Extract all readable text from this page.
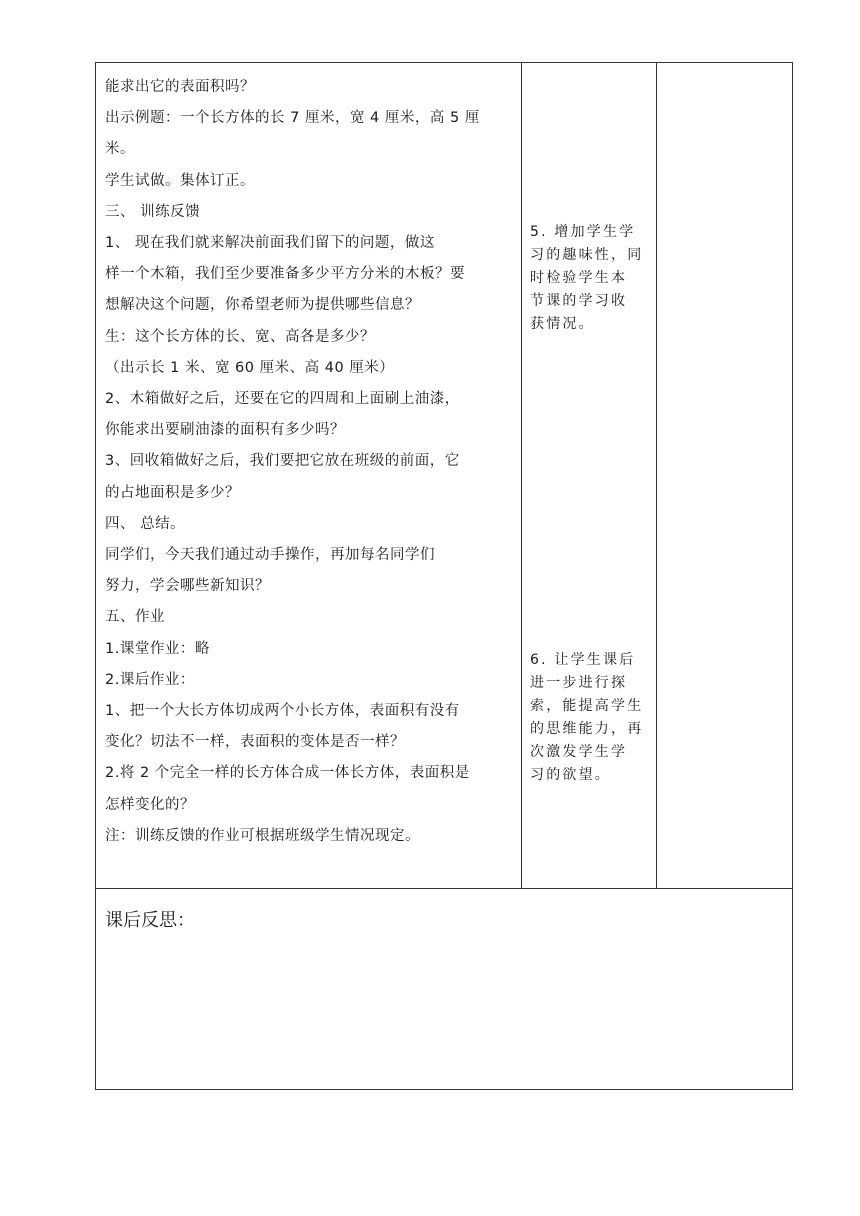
能求出它的表面积吗？
出示例题：一个长方体的长 7 厘米，宽 4 厘米，高 5 厘
米。
学生试做。集体订正。
三、 训练反馈
1、 现在我们就来解决前面我们留下的问题，做这
样一个木箱，我们至少要准备多少平方分米的木板？要
想解决这个问题，你希望老师为提供哪些信息？
生：这个长方体的长、宽、高各是多少？
（出示长 1 米、宽 60 厘米、高 40 厘米）
2、木箱做好之后，还要在它的四周和上面刷上油漆，
你能求出要刷油漆的面积有多少吗？
3、回收箱做好之后，我们要把它放在班级的前面，它
的占地面积是多少？
四、 总结。
同学们，今天我们通过动手操作，再加每名同学们
努力，学会哪些新知识？
五、作业
1.课堂作业：略
2.课后作业：
1、把一个大长方体切成两个小长方体，表面积有没有
变化？切法不一样，表面积的变体是否一样？
2.将 2 个完全一样的长方体合成一体长方体，表面积是
怎样变化的？
注：训练反馈的作业可根据班级学生情况现定。
5. 增加学生学
习的趣味性，同
时检验学生本
节课的学习收
获情况。
6. 让学生课后
进一步进行探
索，能提高学生
的思维能力，再
次激发学生学
习的欲望。
课后反思：
